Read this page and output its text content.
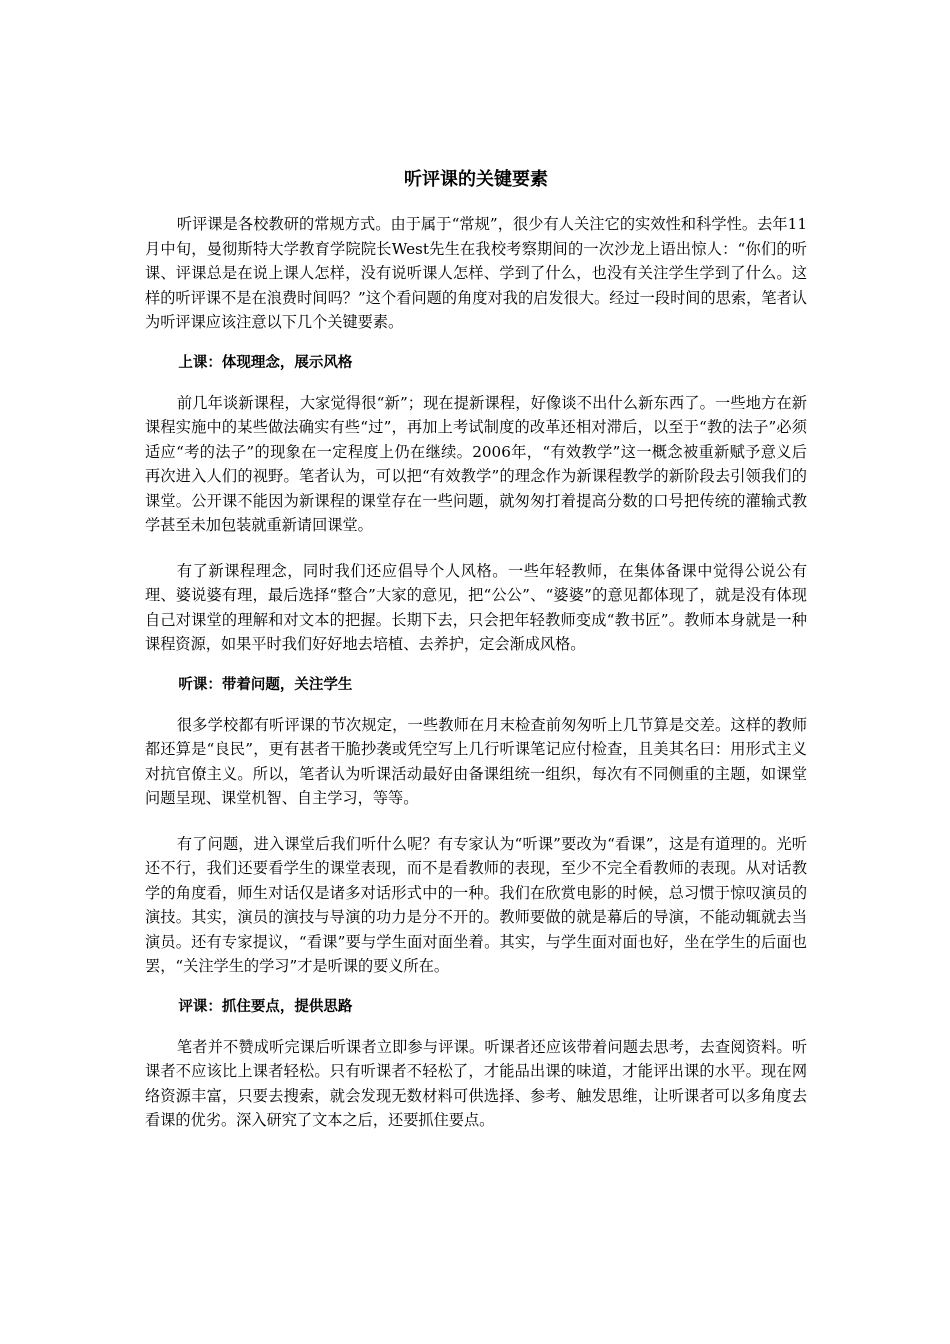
听评课的关键要素

听评课是各校教研的常规方式。由于属于“常规”，很少有人关注它的实效性和科学性。去年11月中旬，曼彻斯特大学教育学院院长West先生在我校考察期间的一次沙龙上语出惊人：“你们的听课、评课总是在说上课人怎样，没有说听课人怎样、学到了什么，也没有关注学生学到了什么。这样的听评课不是在浪费时间吗？”这个看问题的角度对我的启发很大。经过一段时间的思索，笔者认为听评课应该注意以下几个关键要素。

上课：体现理念，展示风格

前几年谈新课程，大家觉得很“新”；现在提新课程，好像谈不出什么新东西了。一些地方在新课程实施中的某些做法确实有些“过”，再加上考试制度的改革还相对滞后，以至于“教的法子”必须适应“考的法子”的现象在一定程度上仍在继续。2006年，“有效教学”这一概念被重新赋予意义后再次进入人们的视野。笔者认为，可以把“有效教学”的理念作为新课程教学的新阶段去引领我们的课堂。公开课不能因为新课程的课堂存在一些问题，就匆匆打着提高分数的口号把传统的灌输式教学甚至未加包装就重新请回课堂。

有了新课程理念，同时我们还应倡导个人风格。一些年轻教师，在集体备课中觉得公说公有理、婆说婆有理，最后选择“整合”大家的意见，把“公公”、“婆婆”的意见都体现了，就是没有体现自己对课堂的理解和对文本的把握。长期下去，只会把年轻教师变成“教书匠”。教师本身就是一种课程资源，如果平时我们好好地去培植、去养护，定会渐成风格。

听课：带着问题，关注学生

很多学校都有听评课的节次规定，一些教师在月末检查前匆匆听上几节算是交差。这样的教师都还算是“良民”，更有甚者干脆抄袭或凭空写上几行听课笔记应付检查，且美其名曰：用形式主义对抗官僚主义。所以，笔者认为听课活动最好由备课组统一组织，每次有不同侧重的主题，如课堂问题呈现、课堂机智、自主学习，等等。

有了问题，进入课堂后我们听什么呢？有专家认为“听课”要改为“看课”，这是有道理的。光听还不行，我们还要看学生的课堂表现，而不是看教师的表现，至少不完全看教师的表现。从对话教学的角度看，师生对话仅是诸多对话形式中的一种。我们在欣赏电影的时候，总习惯于惊叹演员的演技。其实，演员的演技与导演的功力是分不开的。教师要做的就是幕后的导演，不能动辄就去当演员。还有专家提议，“看课”要与学生面对面坐着。其实，与学生面对面也好，坐在学生的后面也罢，“关注学生的学习”才是听课的要义所在。

评课：抓住要点，提供思路

笔者并不赞成听完课后听课者立即参与评课。听课者还应该带着问题去思考，去查阅资料。听课者不应该比上课者轻松。只有听课者不轻松了，才能品出课的味道，才能评出课的水平。现在网络资源丰富，只要去搜索，就会发现无数材料可供选择、参考、触发思维，让听课者可以多角度去看课的优劣。深入研究了文本之后，还要抓住要点。
